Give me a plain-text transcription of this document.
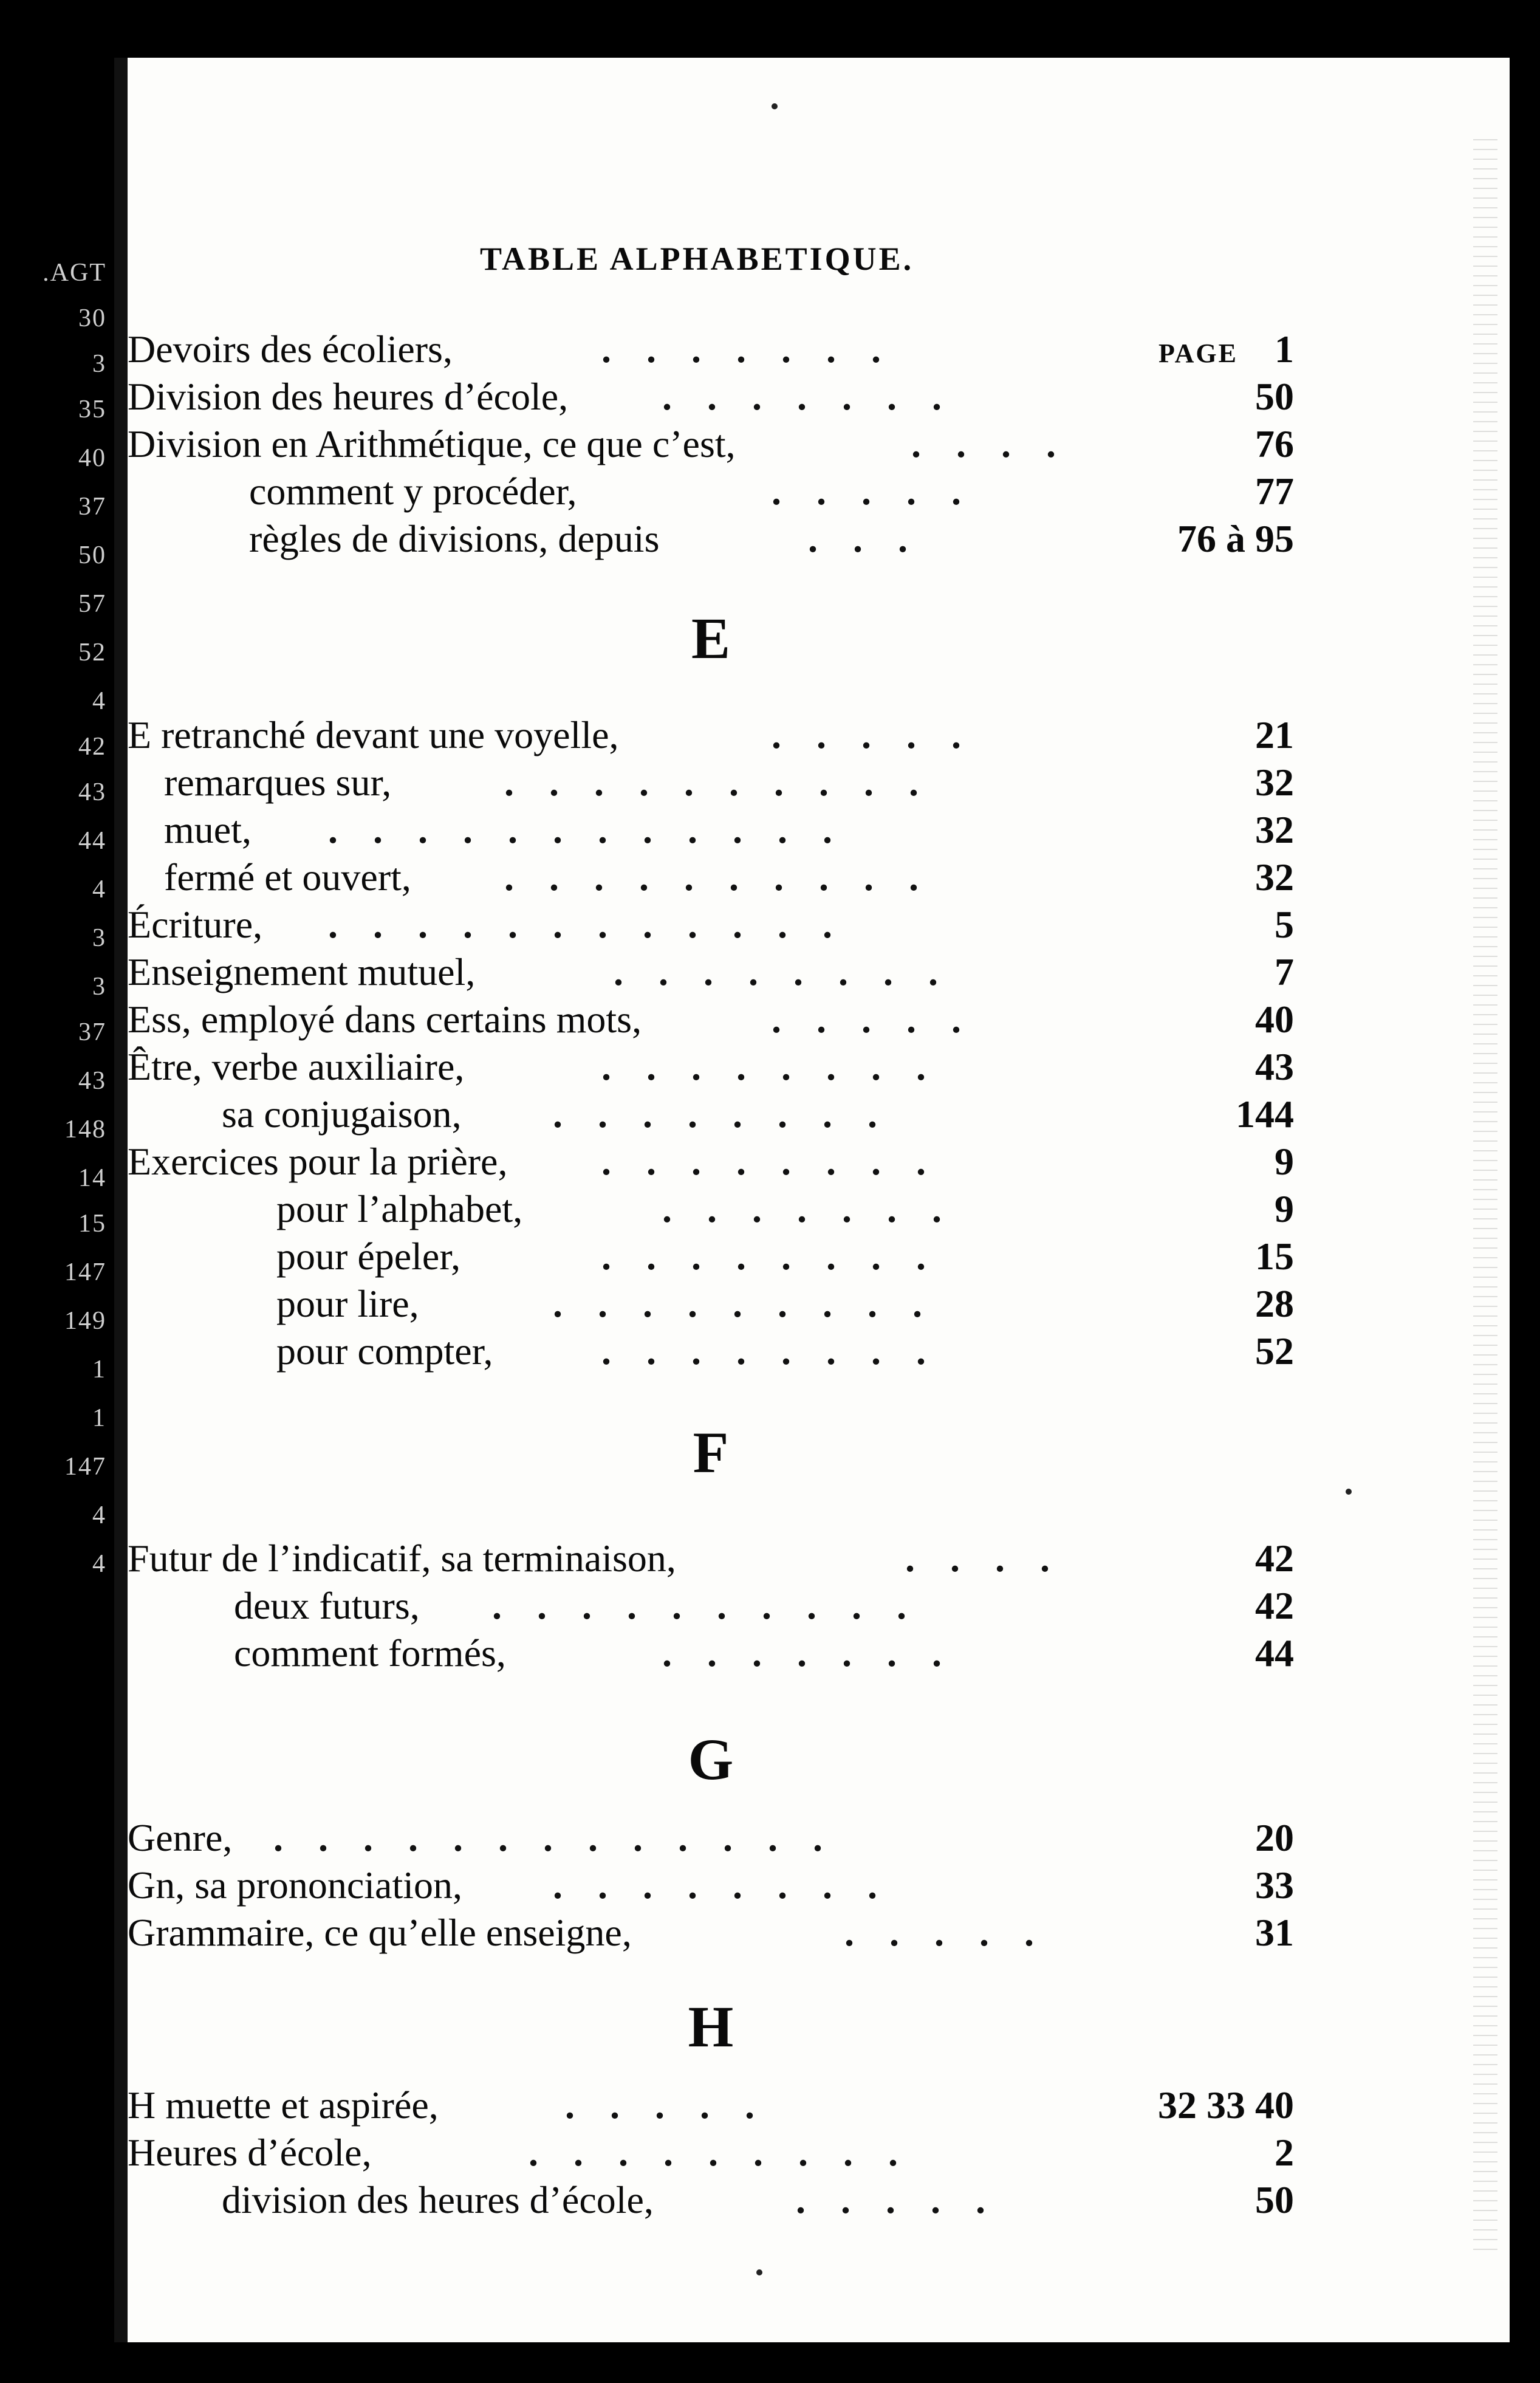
.AGT
30
3
35
40
37
50
57
52
4
42
43
44
4
3
3
37
43
148
14
15
147
149
1
1
147
4
4
TABLE ALPHABETIQUE.
Devoirs des écoliers,	.......	PAGE 1
Division des heures d’école, .......	50
Division en Arithmétique, ce que c’est,	....	76
comment y procéder,	.....	77
règles de divisions, depuis	...	76 à 95
E
E retranché devant une voyelle,	.....	21
remarques sur,	..........	32
muet, ............	32
fermé et ouvert, ..........	32
Écriture, ............	5
Enseignement mutuel,	........	7
Ess, employé dans certains mots,	.....	40
Être, verbe auxiliaire,	........	43
sa conjugaison, ........	144
Exercices pour la prière, ........	9
pour l’alphabet,	.......	9
pour épeler,	........	15
pour lire,	.........	28
pour compter,	........	52
F
Futur de l’indicatif, sa terminaison,	....	42
deux futurs, ..........	42
comment formés,	.......	44
G
Genre, .............	20
Gn, sa prononciation, ........	33
Grammaire, ce qu’elle enseigne,	.....	31
H
H muette et aspirée,	.....	32 33 40
Heures d’école,	.........	2
division des heures d’école,	.....	50
